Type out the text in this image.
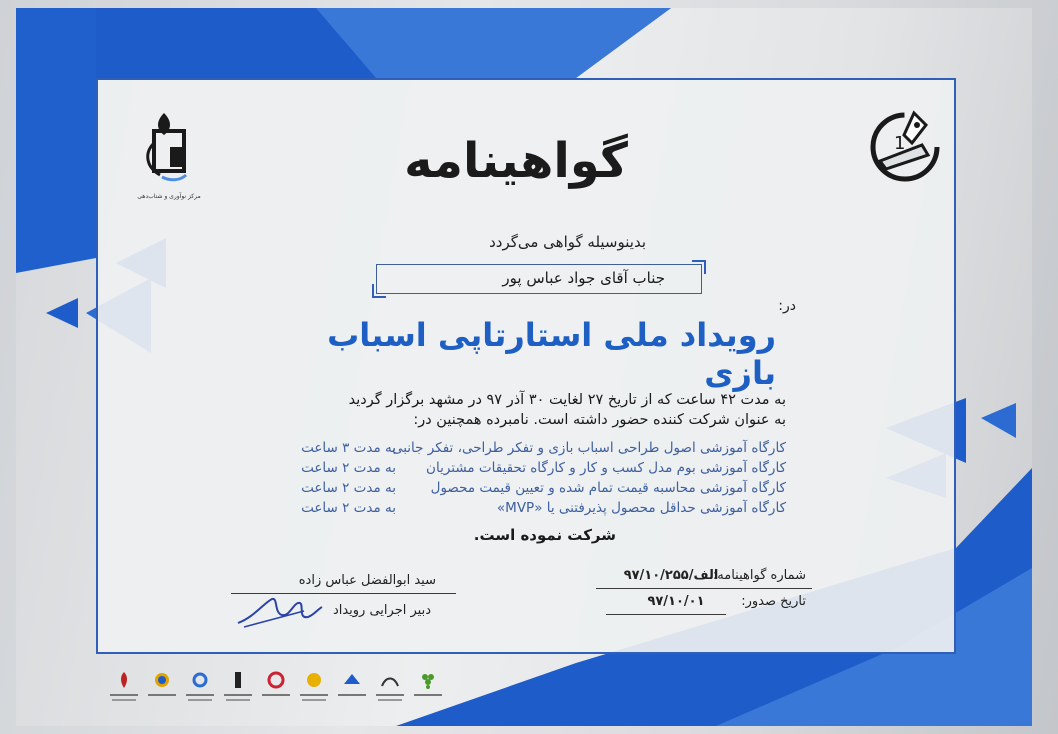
1
مرکز نوآوری و شتاب‌دهی
گواهینامه
بدینوسیله گواهی می‌گردد
جناب آقای جواد عباس پور
در:
رویداد ملی استارتاپی اسباب بازی
به مدت ۴۲ ساعت که از تاریخ ۲۷ لغایت ۳۰ آذر ۹۷ در مشهد برگزار گردید
به عنوان شرکت کننده حضور داشته است. نامبرده همچنین در:
کارگاه آموزشی اصول طراحی اسباب بازی و تفکر طراحی، تفکر جانبی
به مدت ۳ ساعت
کارگاه آموزشی بوم مدل کسب و کار و کارگاه تحقیقات مشتریان
به مدت ۲ ساعت
کارگاه آموزشی محاسبه قیمت تمام شده و تعیین قیمت محصول
به مدت ۲ ساعت
کارگاه آموزشی حداقل محصول پذیرفتنی یا «MVP»
به مدت ۲ ساعت
شرکت نموده است.
شماره گواهینامه:
۹۷/۱۰/الف/۲۵۵
تاریخ صدور:
۹۷/۱۰/۰۱
سید ابوالفضل عباس زاده
دبیر اجرایی رویداد
